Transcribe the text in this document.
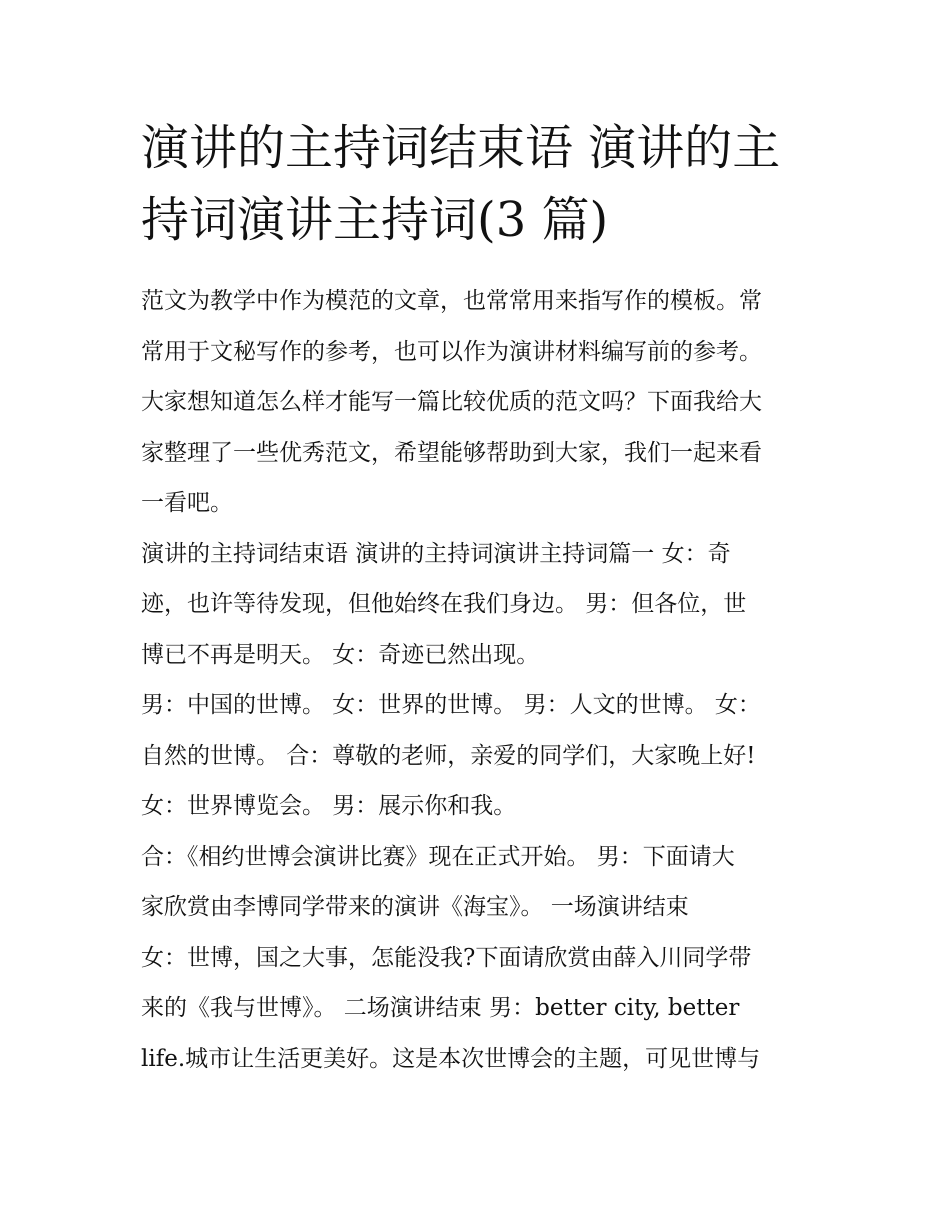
演讲的主持词结束语 演讲的主
持词演讲主持词(3 篇)
范文为教学中作为模范的文章，也常常用来指写作的模板。常
常用于文秘写作的参考，也可以作为演讲材料编写前的参考。
大家想知道怎么样才能写一篇比较优质的范文吗？下面我给大
家整理了一些优秀范文，希望能够帮助到大家，我们一起来看
一看吧。
演讲的主持词结束语 演讲的主持词演讲主持词篇一 女：奇
迹，也许等待发现，但他始终在我们身边。 男：但各位，世
博已不再是明天。 女：奇迹已然出现。
男：中国的世博。 女：世界的世博。 男：人文的世博。 女：
自然的世博。 合：尊敬的老师，亲爱的同学们，大家晚上好!
女：世界博览会。 男：展示你和我。
合：《相约世博会演讲比赛》现在正式开始。 男：下面请大
家欣赏由李博同学带来的演讲《海宝》。 一场演讲结束
女：世博，国之大事，怎能没我?下面请欣赏由薛入川同学带
来的《我与世博》。 二场演讲结束 男：better city, better
life.城市让生活更美好。这是本次世博会的主题，可见世博与
